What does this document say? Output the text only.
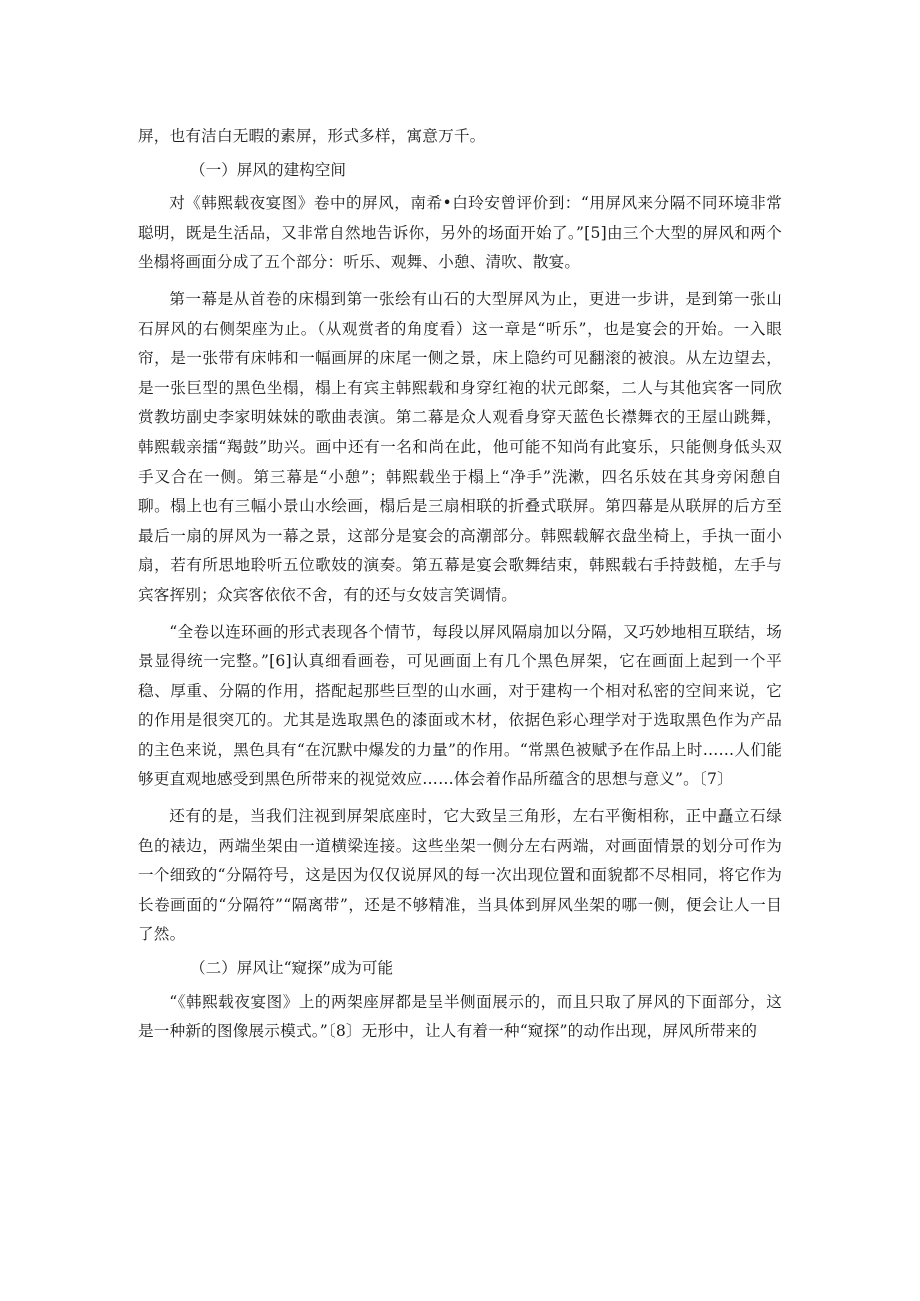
屏，也有洁白无暇的素屏，形式多样，寓意万千。

（一）屏风的建构空间

对《韩熙载夜宴图》卷中的屏风，南希•白玲安曾评价到：“用屏风来分隔不同环境非常聪明，既是生活品，又非常自然地告诉你，另外的场面开始了。”[5]由三个大型的屏风和两个坐榻将画面分成了五个部分：听乐、观舞、小憩、清吹、散宴。

第一幕是从首卷的床榻到第一张绘有山石的大型屏风为止，更进一步讲，是到第一张山石屏风的右侧架座为止。（从观赏者的角度看）这一章是“听乐”，也是宴会的开始。一入眼帘，是一张带有床帏和一幅画屏的床尾一侧之景，床上隐约可见翻滚的被浪。从左边望去，是一张巨型的黑色坐榻，榻上有宾主韩熙载和身穿红袍的状元郎粲，二人与其他宾客一同欣赏教坊副史李家明妹妹的歌曲表演。第二幕是众人观看身穿天蓝色长襟舞衣的王屋山跳舞，韩熙载亲擂“羯鼓”助兴。画中还有一名和尚在此，他可能不知尚有此宴乐，只能侧身低头双手叉合在一侧。第三幕是“小憩”；韩熙载坐于榻上“净手”洗漱，四名乐妓在其身旁闲憩自聊。榻上也有三幅小景山水绘画，榻后是三扇相联的折叠式联屏。第四幕是从联屏的后方至最后一扇的屏风为一幕之景，这部分是宴会的高潮部分。韩熙载解衣盘坐椅上，手执一面小扇，若有所思地聆听五位歌妓的演奏。第五幕是宴会歌舞结束，韩熙载右手持鼓槌，左手与宾客挥别；众宾客依依不舍，有的还与女妓言笑调情。

“全卷以连环画的形式表现各个情节，每段以屏风隔扇加以分隔，又巧妙地相互联结，场景显得统一完整。”[6]认真细看画卷，可见画面上有几个黑色屏架，它在画面上起到一个平稳、厚重、分隔的作用，搭配起那些巨型的山水画，对于建构一个相对私密的空间来说，它的作用是很突兀的。尤其是选取黑色的漆面或木材，依据色彩心理学对于选取黑色作为产品的主色来说，黑色具有“在沉默中爆发的力量”的作用。“常黑色被赋予在作品上时……人们能够更直观地感受到黑色所带来的视觉效应……体会着作品所蕴含的思想与意义”。〔7〕

还有的是，当我们注视到屏架底座时，它大致呈三角形，左右平衡相称，正中矗立石绿色的裱边，两端坐架由一道横梁连接。这些坐架一侧分左右两端，对画面情景的划分可作为一个细致的“分隔符号，这是因为仅仅说屏风的每一次出现位置和面貌都不尽相同，将它作为长卷画面的“分隔符”“隔离带”，还是不够精准，当具体到屏风坐架的哪一侧，便会让人一目了然。

（二）屏风让“窥探”成为可能

“《韩熙载夜宴图》上的两架座屏都是呈半侧面展示的，而且只取了屏风的下面部分，这是一种新的图像展示模式。”〔8〕无形中，让人有着一种“窥探”的动作出现，屏风所带来的
